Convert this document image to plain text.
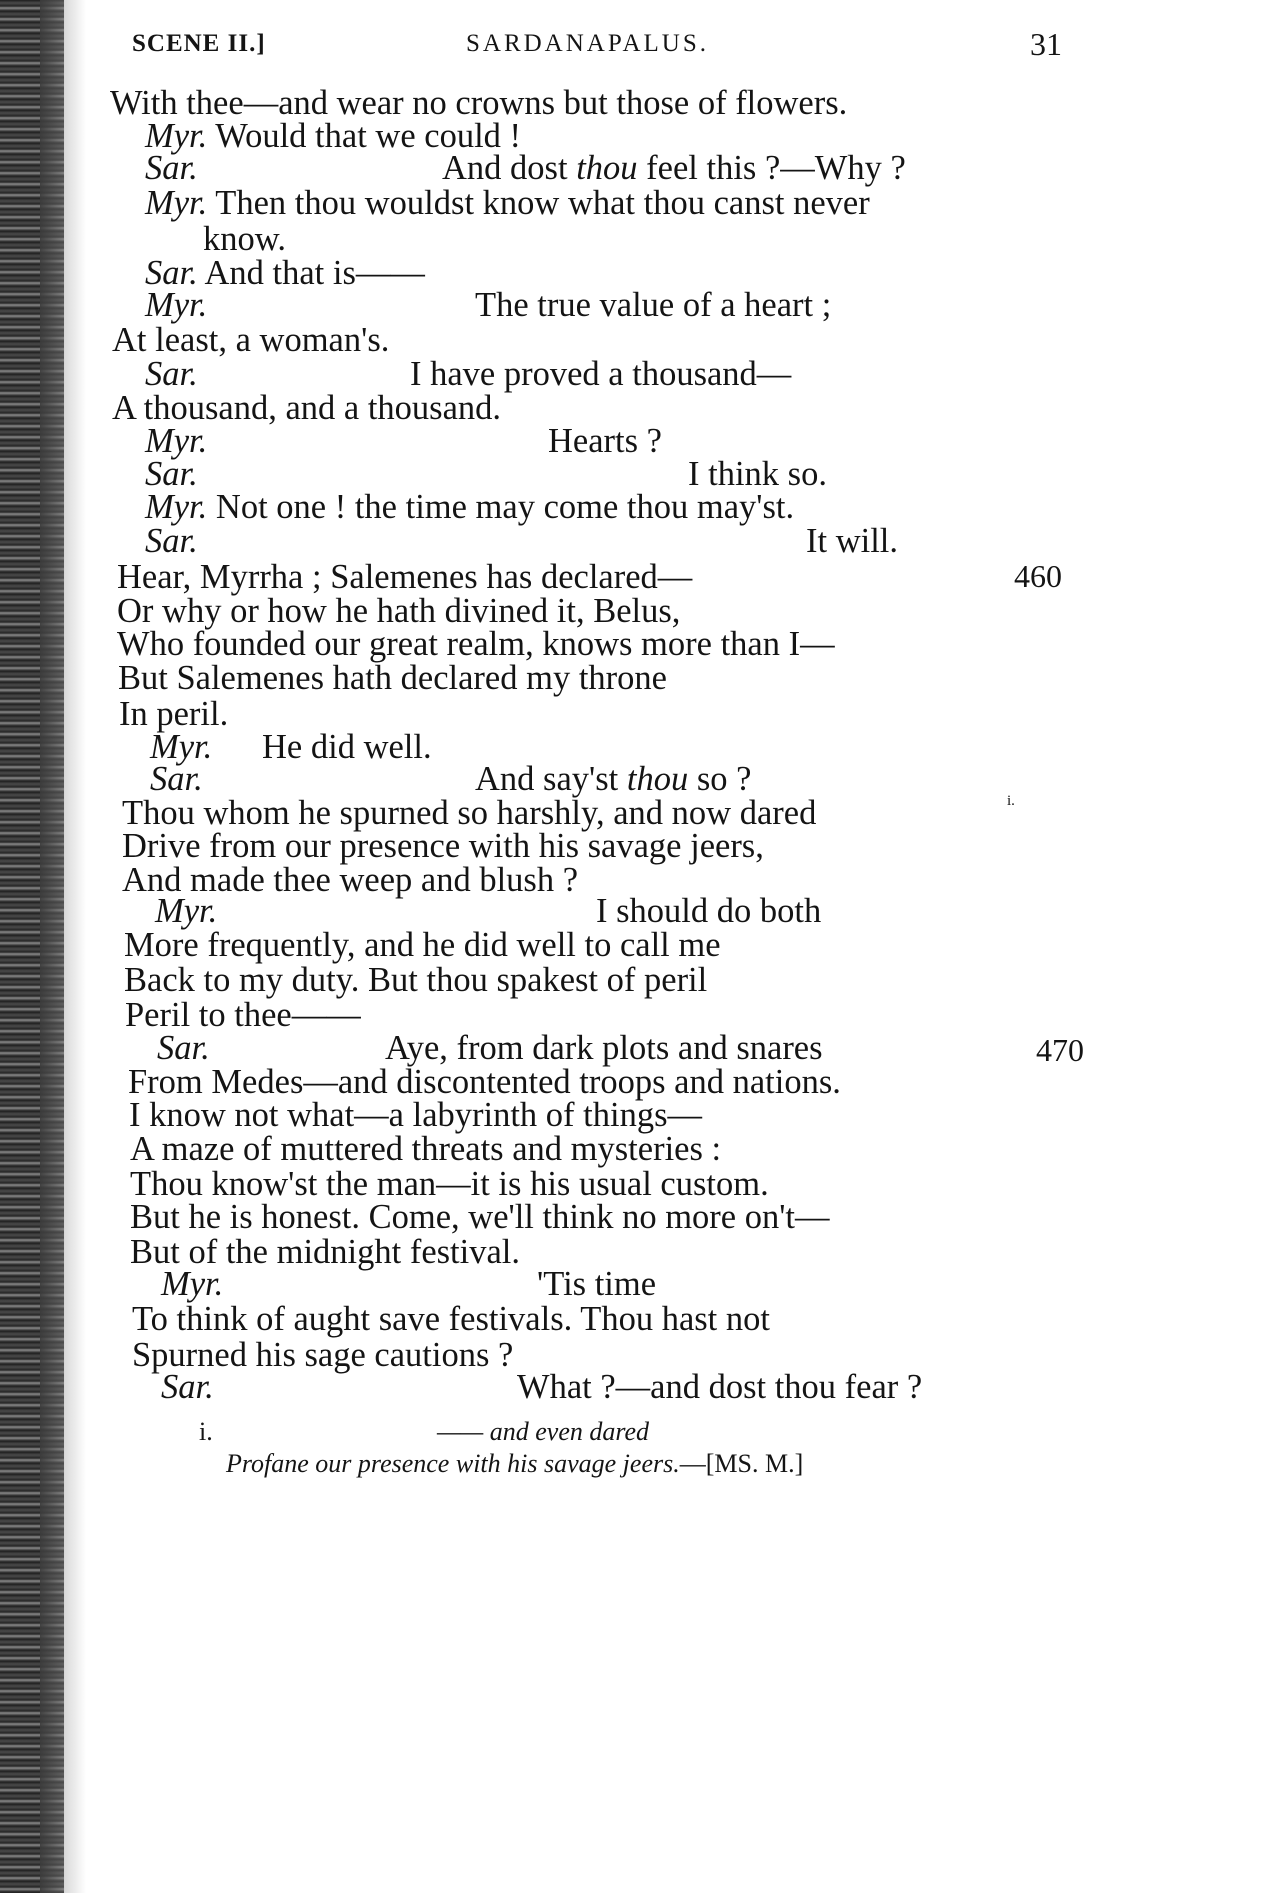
SCENE II.]	SARDANAPALUS.	31
With thee—and wear no crowns but those of flowers.
Myr. Would that we could !
Sar.	And dost thou feel this ?—Why ?
Myr. Then thou wouldst know what thou canst never
know.
Sar. And that is——
Myr.	The true value of a heart ;
At least, a woman's.
Sar.	I have proved a thousand—
A thousand, and a thousand.
Myr.	Hearts ?
Sar.	I think so.
Myr. Not one ! the time may come thou may'st.
Sar.	It will.
Hear, Myrrha ; Salemenes has declared—	460
Or why or how he hath divined it, Belus,
Who founded our great realm, knows more than I—
But Salemenes hath declared my throne
In peril.
Myr. He did well.
Sar.	And say'st thou so ?
Thou whom he spurned so harshly, and now dared	i.
Drive from our presence with his savage jeers,
And made thee weep and blush ?
Myr.	I should do both
More frequently, and he did well to call me
Back to my duty. But thou spakest of peril
Peril to thee——
Sar.	Aye, from dark plots and snares	470
From Medes—and discontented troops and nations.
I know not what—a labyrinth of things—
A maze of muttered threats and mysteries :
Thou know'st the man—it is his usual custom.
But he is honest. Come, we'll think no more on't—
But of the midnight festival.
Myr.	'Tis time
To think of aught save festivals. Thou hast not
Spurned his sage cautions ?
Sar.	What ?—and dost thou fear ?
i.	—— and even dared
Profane our presence with his savage jeers.—[MS. M.]
